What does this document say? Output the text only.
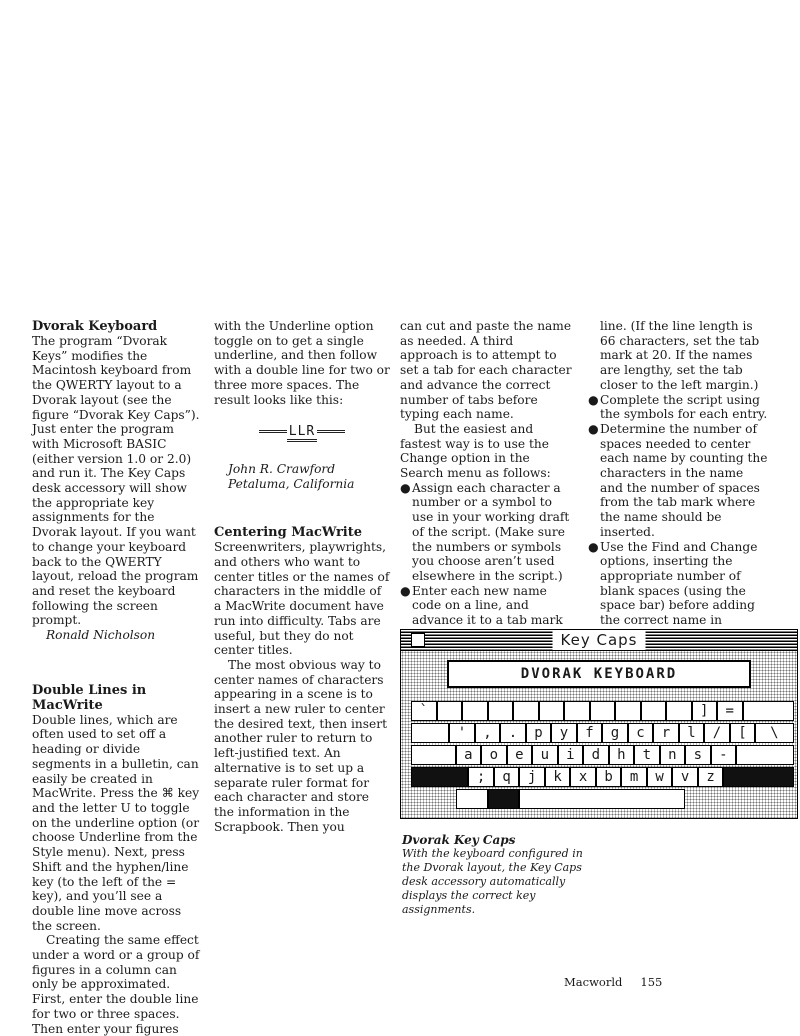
Dvorak Keyboard

The program “Dvorak Keys” modifies the Macintosh keyboard from the QWERTY layout to a Dvorak layout (see the figure “Dvorak Key Caps”). Just enter the program with Microsoft BASIC (either version 1.0 or 2.0) and run it. The Key Caps desk accessory will show the appropriate key assignments for the Dvorak layout. If you want to change your keyboard back to the QWERTY layout, reload the program and reset the keyboard following the screen prompt.

Ronald Nicholson

Double Lines in MacWrite

Double lines, which are often used to set off a heading or divide segments in a bulletin, can easily be created in MacWrite. Press the ⌘ key and the letter U to toggle on the underline option (or choose Underline from the Style menu). Next, press Shift and the hyphen/line key (to the left of the = key), and you’ll see a double line move across the screen.

Creating the same effect under a word or a group of figures in a column can only be approximated. First, enter the double line for two or three spaces. Then enter your figures

with the Underline option toggle on to get a single underline, and then follow with a double line for two or three more spaces. The result looks like this:

LLR

John R. Crawford

Petaluma, California

Centering MacWrite

Screenwriters, playwrights, and others who want to center titles or the names of characters in the middle of a MacWrite document have run into difficulty. Tabs are useful, but they do not center titles.

The most obvious way to center names of characters appearing in a scene is to insert a new ruler to center the desired text, then insert another ruler to return to left-justified text. An alternative is to set up a separate ruler format for each character and store the information in the Scrapbook. Then you

can cut and paste the name as needed. A third approach is to attempt to set a tab for each character and advance the correct number of tabs before typing each name.

But the easiest and fastest way is to use the Change option in the Search menu as follows:

●Assign each character a number or a symbol to use in your working draft of the script. (Make sure the numbers or symbols you choose aren’t used elsewhere in the script.)

●Enter each new name code on a line, and advance it to a tab mark

line. (If the line length is 66 characters, set the tab mark at 20. If the names are lengthy, set the tab closer to the left margin.)

●Complete the script using the symbols for each entry.

●Determine the number of spaces needed to center each name by counting the characters in the name and the number of spaces from the tab mark where the name should be inserted.

●Use the Find and Change options, inserting the appropriate number of blank spaces (using the space bar) before adding the correct name in

Key Caps
DVORAK KEYBOARD
`	]	=
'	,	.	p	y	f	g	c	r	l	/	[	\
a	o	e	u	i	d	h	t	n	s	-
;	q	j	k	x	b	m	w	v	z
Dvorak Key Caps
With the keyboard configured in the Dvorak layout, the Key Caps desk accessory automatically displays the correct key assignments.
Macworld 155
